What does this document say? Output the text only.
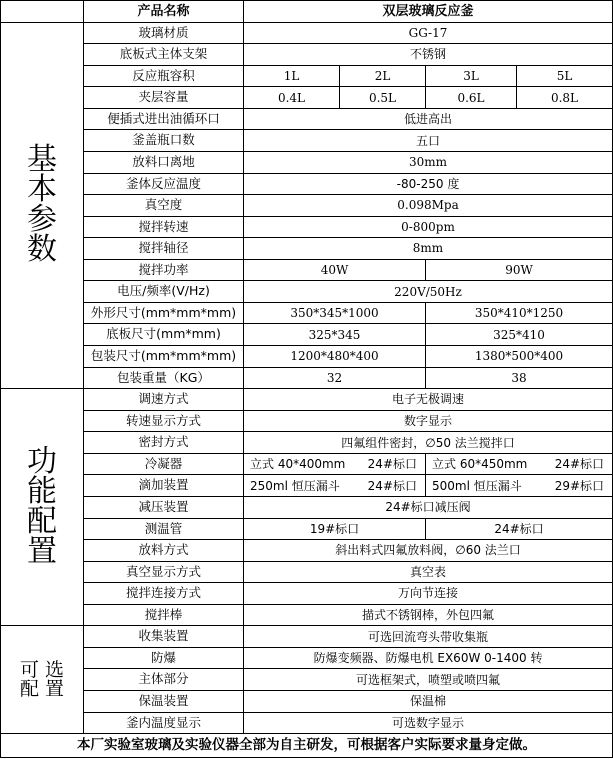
	产品名称	双层玻璃反应釜			

基
本
参
数	玻璃材质	GG-17			
	底板式主体支架	不锈钢			
	反应瓶容积	1L	2L	3L	5L
	夹层容量	0.4L	0.5L	0.6L	0.8L
	便插式进出油循环口	低进高出			
	釜盖瓶口数	五口			
	放料口离地	30mm			
	釜体反应温度	-80-250 度			
	真空度	0.098Mpa			
	搅拌转速	0-800pm			
	搅拌轴径	8mm			
	搅拌功率	40W		90W	
	电压/频率(V/Hz)	220V/50Hz			
	外形尺寸(mm*mm*mm)	350*345*1000		350*410*1250	
	底板尺寸(mm*mm)	325*345		325*410	
	包装尺寸(mm*mm*mm)	1200*480*400		1380*500*400	
	包装重量（KG）	32		38	

功
能
配
置	调速方式	电子无极调速			
	转速显示方式	数字显示			
	密封方式	四氟组件密封，∅50 法兰搅拌口			
	冷凝器	立式 40*400mm 24#标口		立式 60*450mm 24#标口	

	滴加装置	250ml 恒压漏斗 24#标口		500ml 恒压漏斗 29#标口	

	减压装置	24#标口减压阀			
	测温管	19#标口		24#标口	
	放料方式	斜出料式四氟放料阀，∅60 法兰口			
	真空显示方式	真空表			
	搅拌连接方式	万向节连接			
	搅拌棒	描式不锈钢棒，外包四氟			

可 选
配 置	收集装置	可选回流弯头带收集瓶			
	防爆	防爆变频器、防爆电机 EX60W 0-1400 转			
	主体部分	可选框架式，喷塑或喷四氟			
	保温装置	保温棉			
	釜内温度显示	可选数字显示			
本厂实验室玻璃及实验仪器全部为自主研发，可根据客户实际要求量身定做。					
